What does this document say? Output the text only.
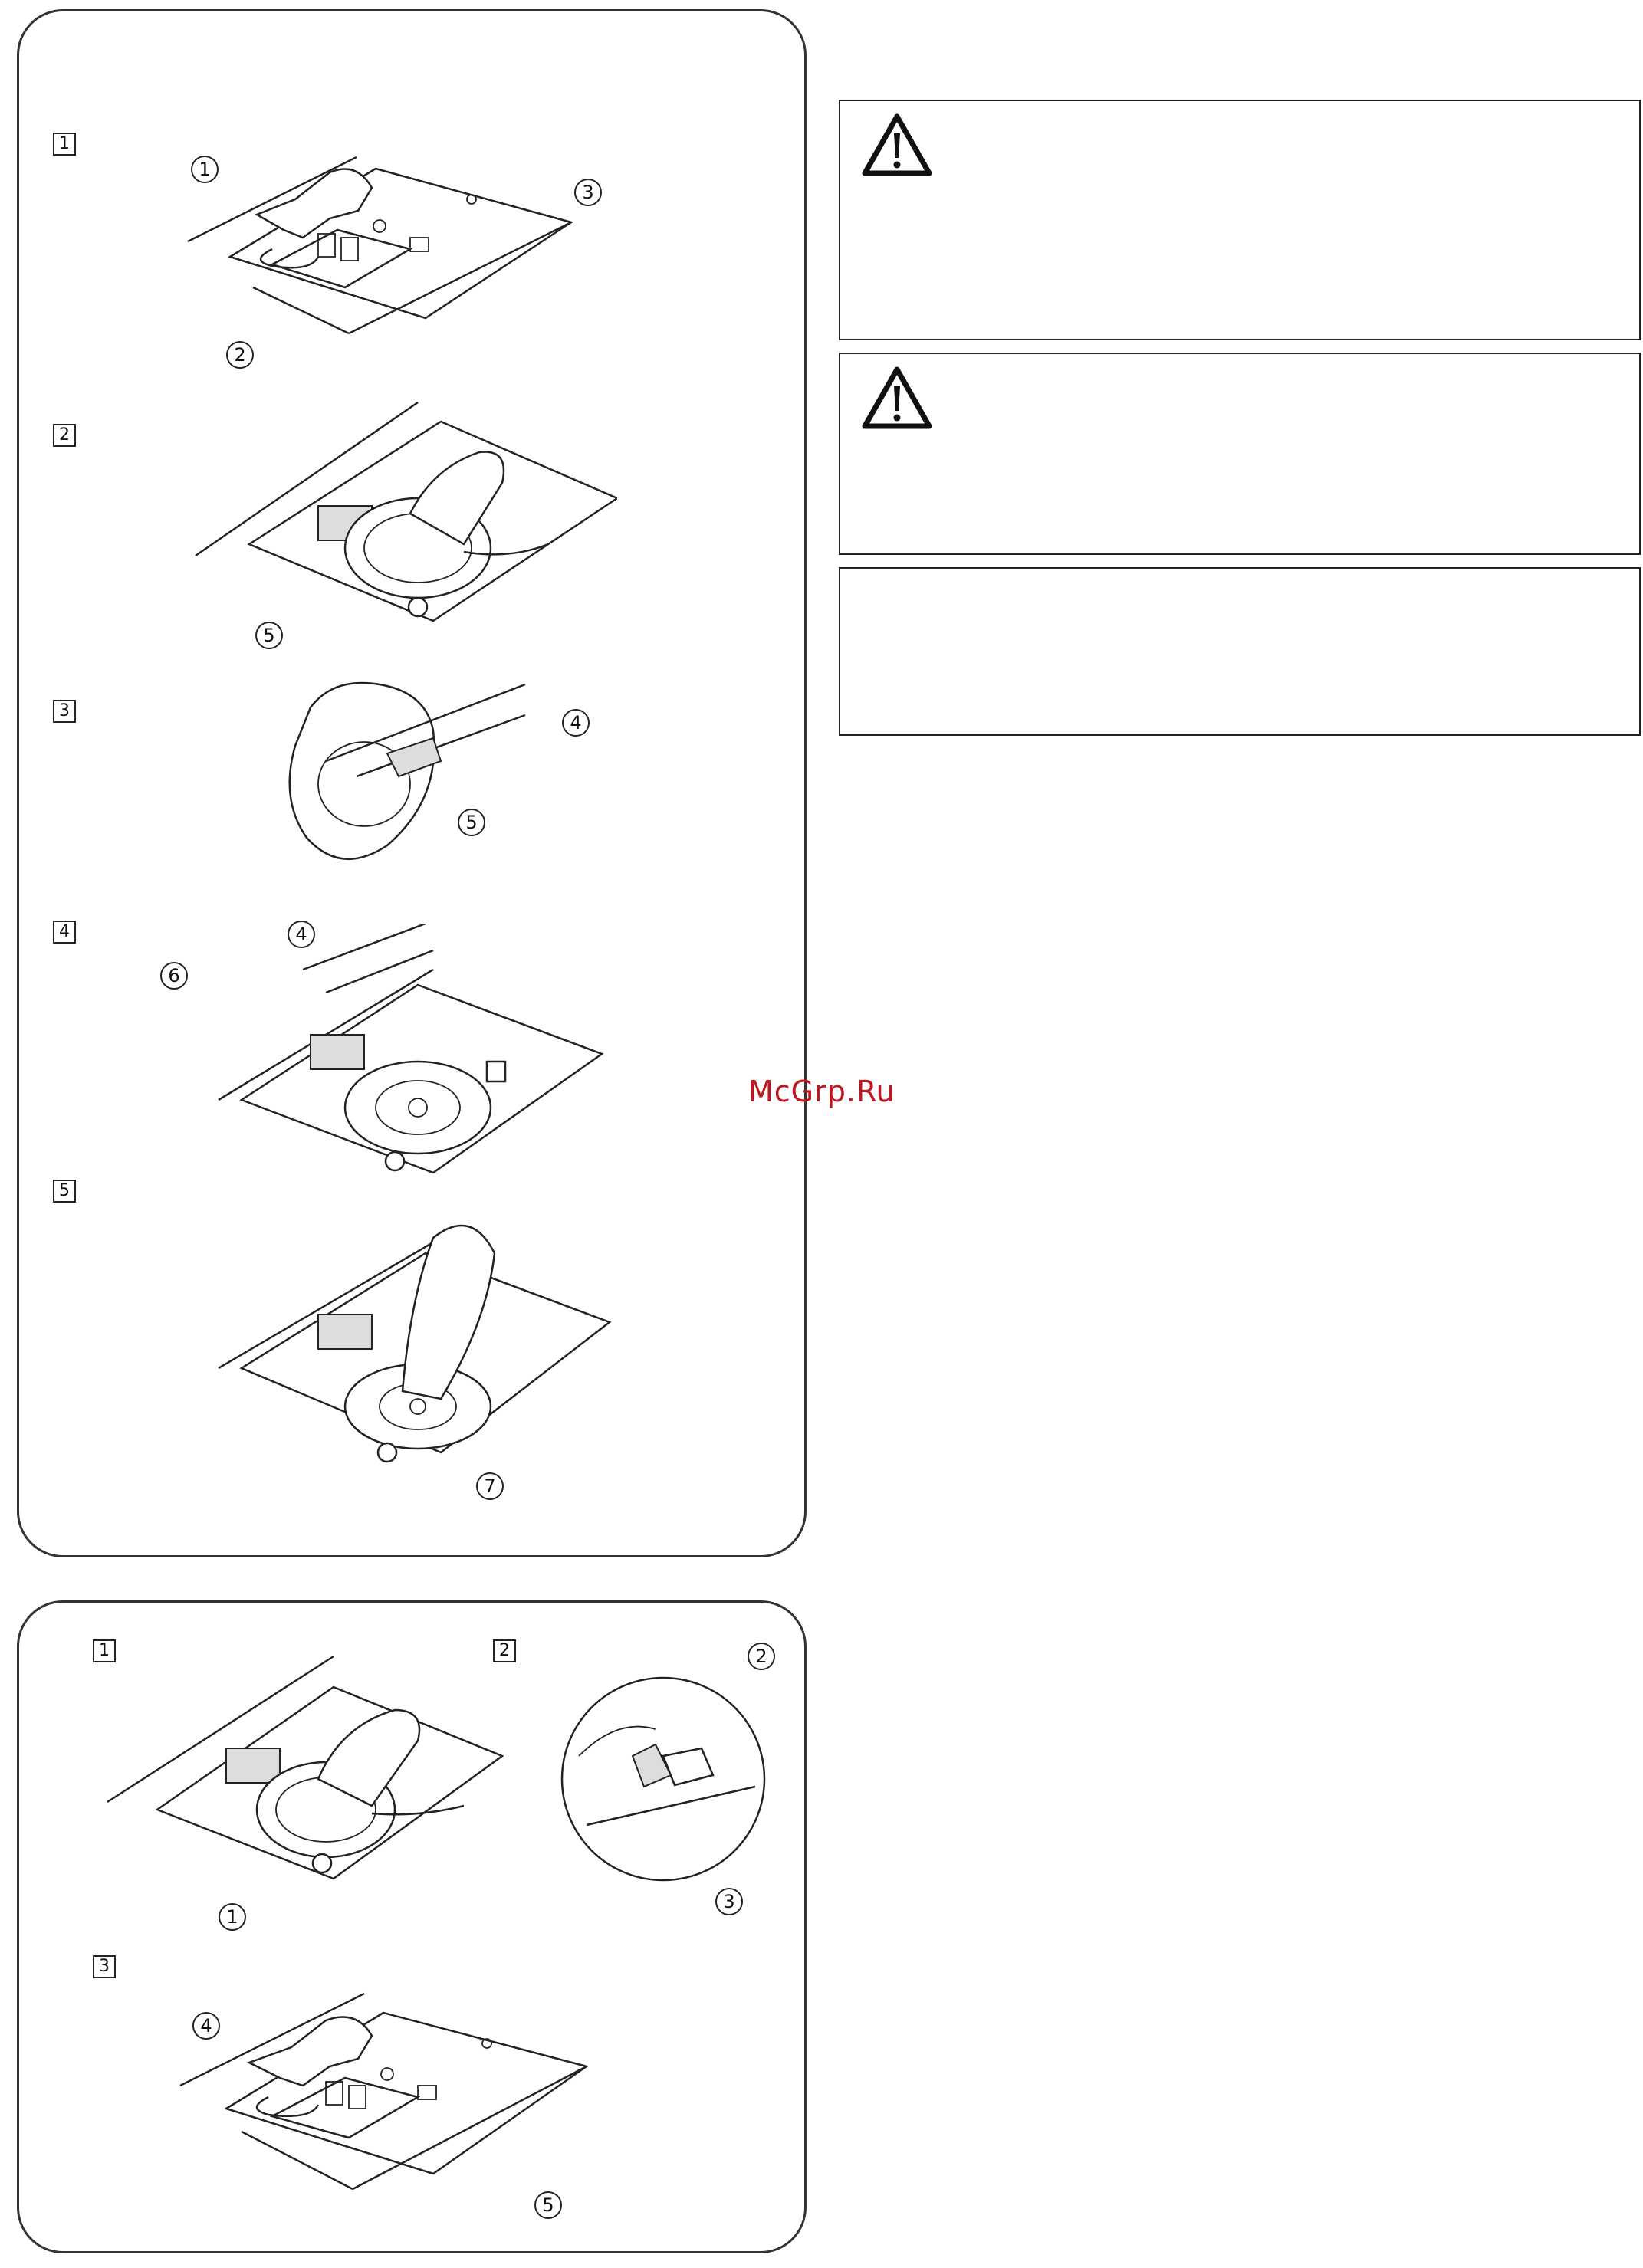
1
1
2
3
2
5
3
4
5
4	4
6
5
7
1
1
2	2
3
3
4
5
McGrp.Ru
